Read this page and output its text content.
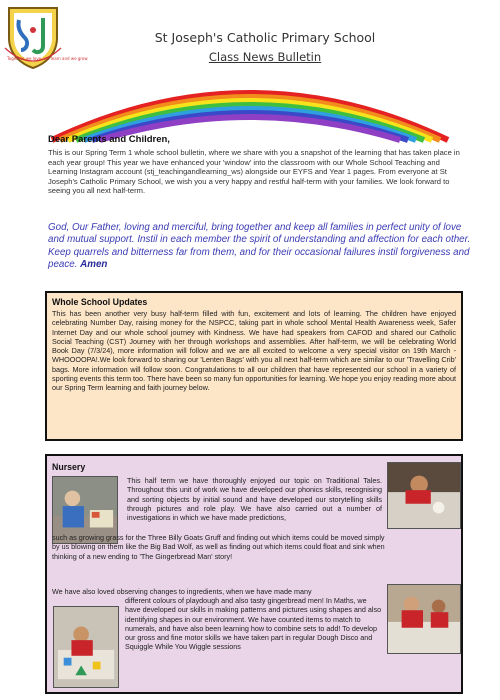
Together we love, we learn and we grow
St Joseph's Catholic Primary School
Class News Bulletin
Dear Parents and Children,
This is our Spring Term 1 whole school bulletin, where we share with you a snapshot of the learning that has taken place in each year group! This year we have enhanced your 'window' into the classroom with our Whole School Teaching and Learning Instagram account (stj_teachingandlearning_ws) alongside our EYFS and Year 1 pages. From everyone at St Joseph's Catholic Primary School, we wish you a very happy and restful half-term with your families. We look forward to seeing you all next half-term.
God, Our Father, loving and merciful, bring together and keep all families in perfect unity of love and mutual support. Instil in each member the spirit of understanding and affection for each other. Keep quarrels and bitterness far from them, and for their occasional failures instil forgiveness and peace. Amen
Whole School Updates
This has been another very busy half-term filled with fun, excitement and lots of learning. The children have enjoyed celebrating Number Day, raising money for the NSPCC, taking part in whole school Mental Health Awareness week, Safer Internet Day and our whole school journey with Kindness. We have had speakers from CAFOD and shared our Catholic Social Teaching (CST) Journey with her through workshops and assemblies. After half-term, we will be celebrating World Book Day (7/3/24), more information will follow and we are all excited to welcome a very special visitor on 19th March - WHOOOOPA!.We look forward to sharing our 'Lenten Bags' with you all next half-term which are similar to our 'Travelling Crib' bags. More information will follow soon. Congratulations to all our children that have represented our school in a variety of sporting events this term too. There have been so many fun opportunities for learning. We hope you enjoy reading more about our Spring Term learning and faith journey below.
Nursery
This half term we have thoroughly enjoyed our topic on Traditional Tales. Throughout this unit of work we have developed our phonics skills, recognising and sorting objects by initial sound and have developed our storytelling skills through pictures and role play. We have also carried out a number of investigations in which we have made predictions,
such as growing grass for the Three Billy Goats Gruff and finding out which items could be moved simply by us blowing on them like the Big Bad Wolf, as well as finding out which items could float and sink when thinking of a new ending to 'The Gingerbread Man' story!
We have also loved observing changes to ingredients, when we have made many
different colours of playdough and also tasty gingerbread men! In Maths, we have developed our skills in making patterns and pictures using shapes and also identifying shapes in our environment. We have counted items to match to numerals, and have also been learning how to combine sets to add! To develop our gross and fine motor skills we have taken part in regular Dough Disco and Squiggle While You Wiggle sessions
